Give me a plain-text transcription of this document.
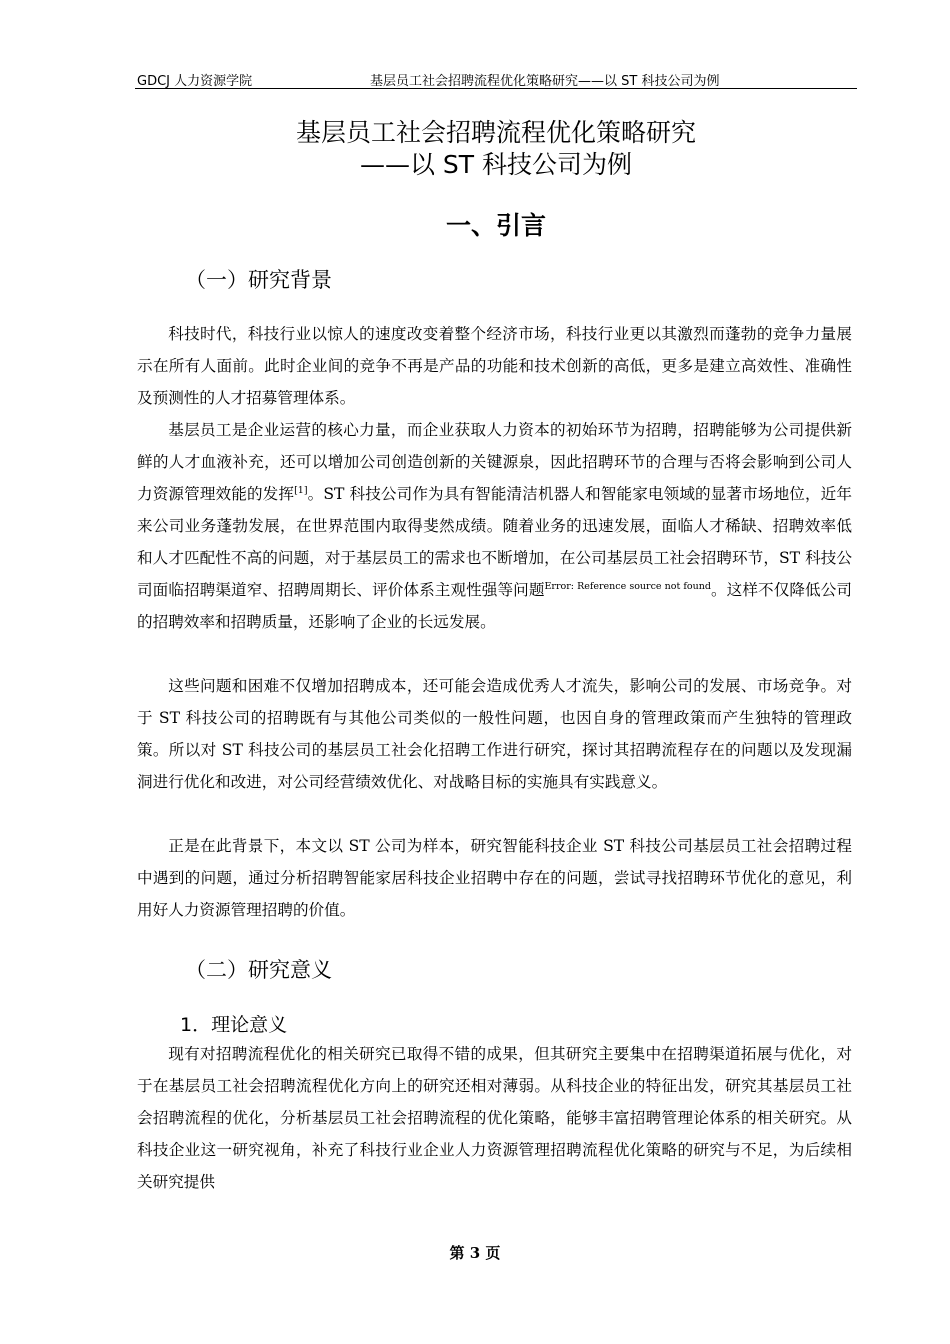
GDCJ 人力资源学院	基层员工社会招聘流程优化策略研究——以 ST 科技公司为例
基层员工社会招聘流程优化策略研究
——以 ST 科技公司为例
一、引言
（一）研究背景

科技时代，科技行业以惊人的速度改变着整个经济市场，科技行业更以其激烈而蓬勃的竞争力量展示在所有人面前。此时企业间的竞争不再是产品的功能和技术创新的高低，更多是建立高效性、准确性及预测性的人才招募管理体系。

基层员工是企业运营的核心力量，而企业获取人力资本的初始环节为招聘，招聘能够为公司提供新鲜的人才血液补充，还可以增加公司创造创新的关键源泉，因此招聘环节的合理与否将会影响到公司人力资源管理效能的发挥[1]。ST 科技公司作为具有智能清洁机器人和智能家电领域的显著市场地位，近年来公司业务蓬勃发展，在世界范围内取得斐然成绩。随着业务的迅速发展，面临人才稀缺、招聘效率低和人才匹配性不高的问题，对于基层员工的需求也不断增加，在公司基层员工社会招聘环节，ST 科技公司面临招聘渠道窄、招聘周期长、评价体系主观性强等问题$^{Error: Reference source not found}$。这样不仅降低公司的招聘效率和招聘质量，还影响了企业的长远发展。

这些问题和困难不仅增加招聘成本，还可能会造成优秀人才流失，影响公司的发展、市场竞争。对于 ST 科技公司的招聘既有与其他公司类似的一般性问题，也因自身的管理政策而产生独特的管理政策。所以对 ST 科技公司的基层员工社会化招聘工作进行研究，探讨其招聘流程存在的问题以及发现漏洞进行优化和改进，对公司经营绩效优化、对战略目标的实施具有实践意义。

正是在此背景下，本文以 ST 公司为样本，研究智能科技企业 ST 科技公司基层员工社会招聘过程中遇到的问题，通过分析招聘智能家居科技企业招聘中存在的问题，尝试寻找招聘环节优化的意见，利用好人力资源管理招聘的价值。

（二）研究意义
1．理论意义

现有对招聘流程优化的相关研究已取得不错的成果，但其研究主要集中在招聘渠道拓展与优化，对于在基层员工社会招聘流程优化方向上的研究还相对薄弱。从科技企业的特征出发，研究其基层员工社会招聘流程的优化，分析基层员工社会招聘流程的优化策略，能够丰富招聘管理论体系的相关研究。从科技企业这一研究视角，补充了科技行业企业人力资源管理招聘流程优化策略的研究与不足，为后续相关研究提供

第 3 页
